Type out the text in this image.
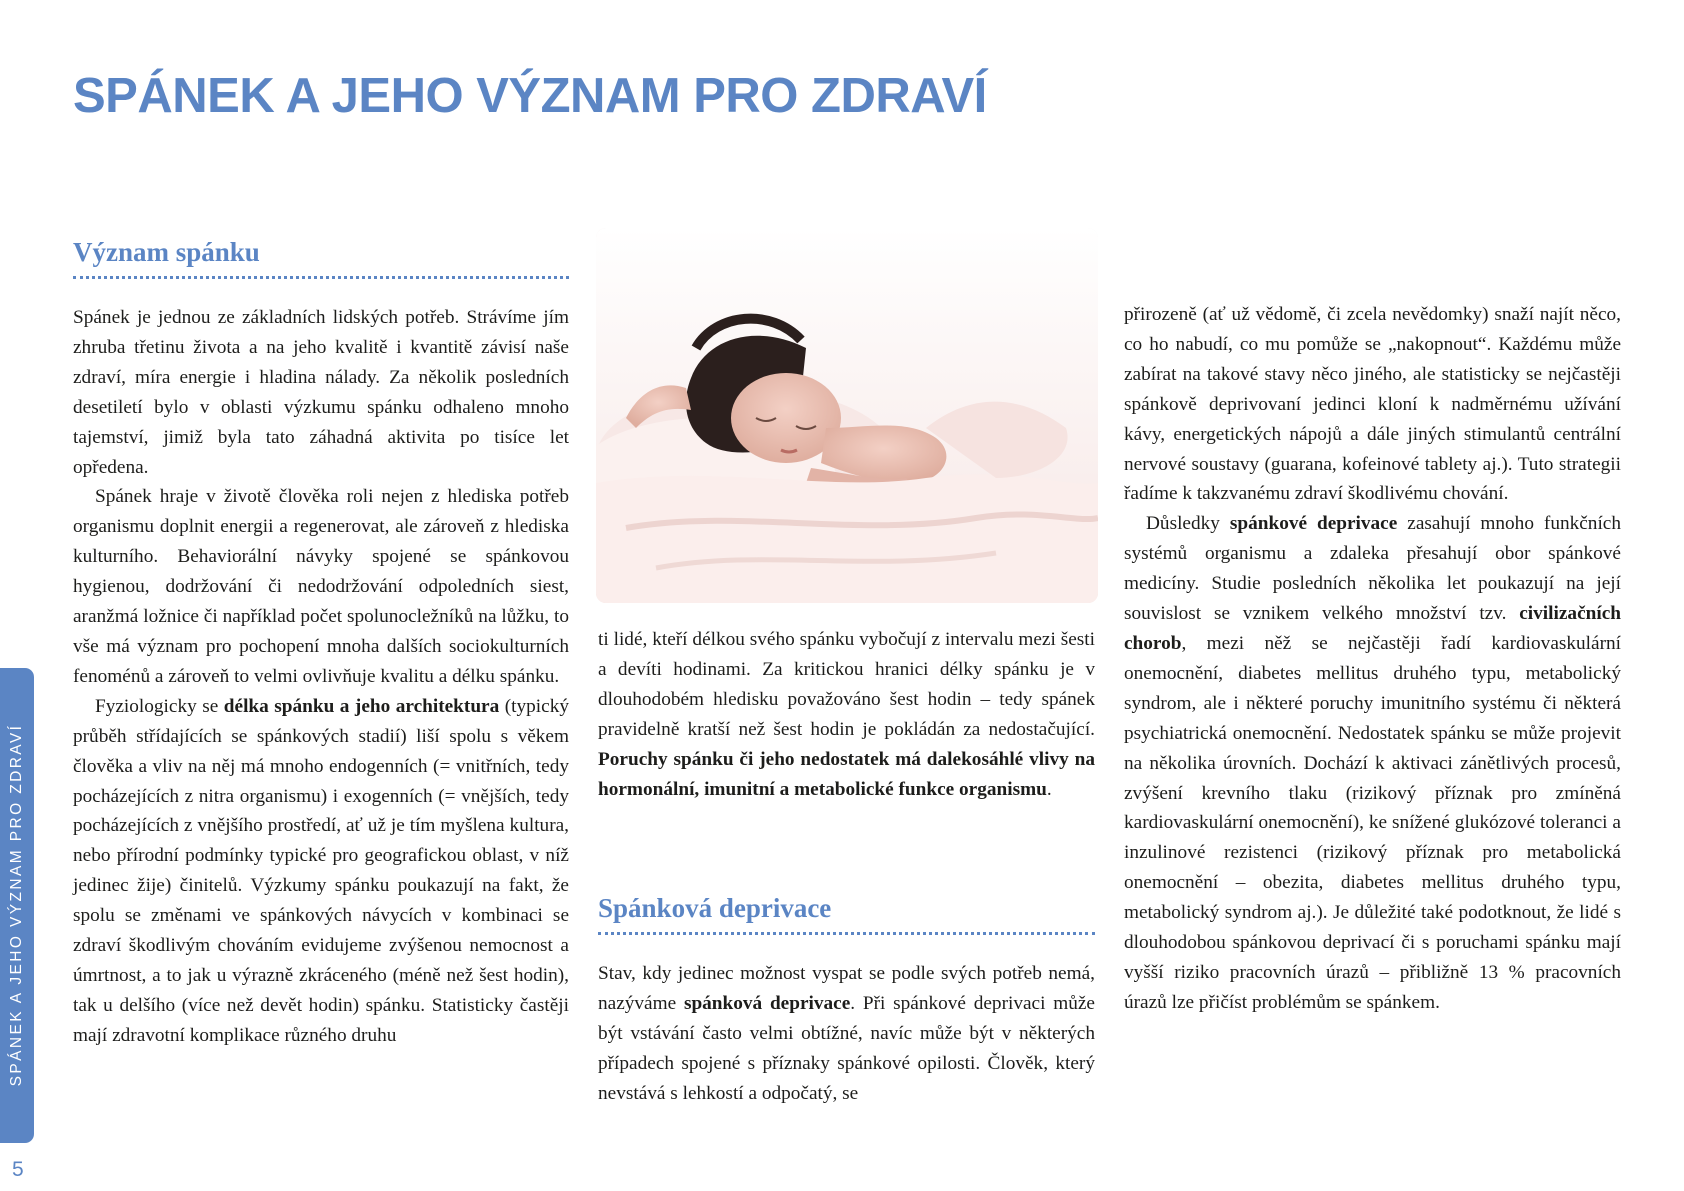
SPÁNEK A JEHO VÝZNAM PRO ZDRAVÍ
Význam spánku

Spánek je jednou ze základních lidských potřeb. Strávíme jím zhruba třetinu života a na jeho kvalitě i kvantitě závisí naše zdraví, míra energie i hladina nálady. Za několik posledních desetiletí bylo v oblasti výzkumu spánku odhaleno mnoho tajemství, jimiž byla tato záhadná aktivita po tisíce let opředena.

Spánek hraje v životě člověka roli nejen z hlediska potřeb organismu doplnit energii a regenerovat, ale zároveň z hlediska kulturního. Behaviorální návyky spojené se spánkovou hygienou, dodržování či nedodržování odpoledních siest, aranžmá ložnice či například počet spolunocležníků na lůžku, to vše má význam pro pochopení mnoha dalších sociokulturních fenoménů a zároveň to velmi ovlivňuje kvalitu a délku spánku.

Fyziologicky se délka spánku a jeho architektura (typický průběh střídajících se spánkových stadií) liší spolu s věkem člověka a vliv na něj má mnoho endogenních (= vnitřních, tedy pocházejících z nitra organismu) i exogenních (= vnějších, tedy pocházejících z vnějšího prostředí, ať už je tím myšlena kultura, nebo přírodní podmínky typické pro geografickou oblast, v níž jedinec žije) činitelů. Výzkumy spánku poukazují na fakt, že spolu se změnami ve spánkových návycích v kombinaci se zdraví škodlivým chováním evidujeme zvýšenou nemocnost a úmrtnost, a to jak u výrazně zkráceného (méně než šest hodin), tak u delšího (více než devět hodin) spánku. Statisticky častěji mají zdravotní komplikace různého druhu

ti lidé, kteří délkou svého spánku vybočují z intervalu mezi šesti a devíti hodinami. Za kritickou hranici délky spánku je v dlouhodobém hledisku považováno šest hodin – tedy spánek pravidelně kratší než šest hodin je pokládán za nedostačující. Poruchy spánku či jeho nedostatek má dalekosáhlé vlivy na hormonální, imunitní a metabolické funkce organismu.

Spánková deprivace

Stav, kdy jedinec možnost vyspat se podle svých potřeb nemá, nazýváme spánková deprivace. Při spánkové deprivaci může být vstávání často velmi obtížné, navíc může být v některých případech spojené s příznaky spánkové opilosti. Člověk, který nevstává s lehkostí a odpočatý, se

přirozeně (ať už vědomě, či zcela nevědomky) snaží najít něco, co ho nabudí, co mu pomůže se „nakopnout“. Každému může zabírat na takové stavy něco jiného, ale statisticky se nejčastěji spánkově deprivovaní jedinci kloní k nadměrnému užívání kávy, energetických nápojů a dále jiných stimulantů centrální nervové soustavy (guarana, kofeinové tablety aj.). Tuto strategii řadíme k takzvanému zdraví škodlivému chování.

Důsledky spánkové deprivace zasahují mnoho funkčních systémů organismu a zdaleka přesahují obor spánkové medicíny. Studie posledních několika let poukazují na její souvislost se vznikem velkého množství tzv. civilizačních chorob, mezi něž se nejčastěji řadí kardiovaskulární onemocnění, diabetes mellitus druhého typu, metabolický syndrom, ale i některé poruchy imunitního systému či některá psychiatrická onemocnění. Nedostatek spánku se může projevit na několika úrovních. Dochází k aktivaci zánětlivých procesů, zvýšení krevního tlaku (rizikový příznak pro zmíněná kardiovaskulární onemocnění), ke snížené glukózové toleranci a inzulinové rezistenci (rizikový příznak pro metabolická onemocnění – obezita, diabetes mellitus druhého typu, metabolický syndrom aj.). Je důležité také podotknout, že lidé s dlouhodobou spánkovou deprivací či s poruchami spánku mají vyšší riziko pracovních úrazů – přibližně 13 % pracovních úrazů lze přičíst problémům se spánkem.

SPÁNEK A JEHO VÝZNAM PRO ZDRAVÍ
5
